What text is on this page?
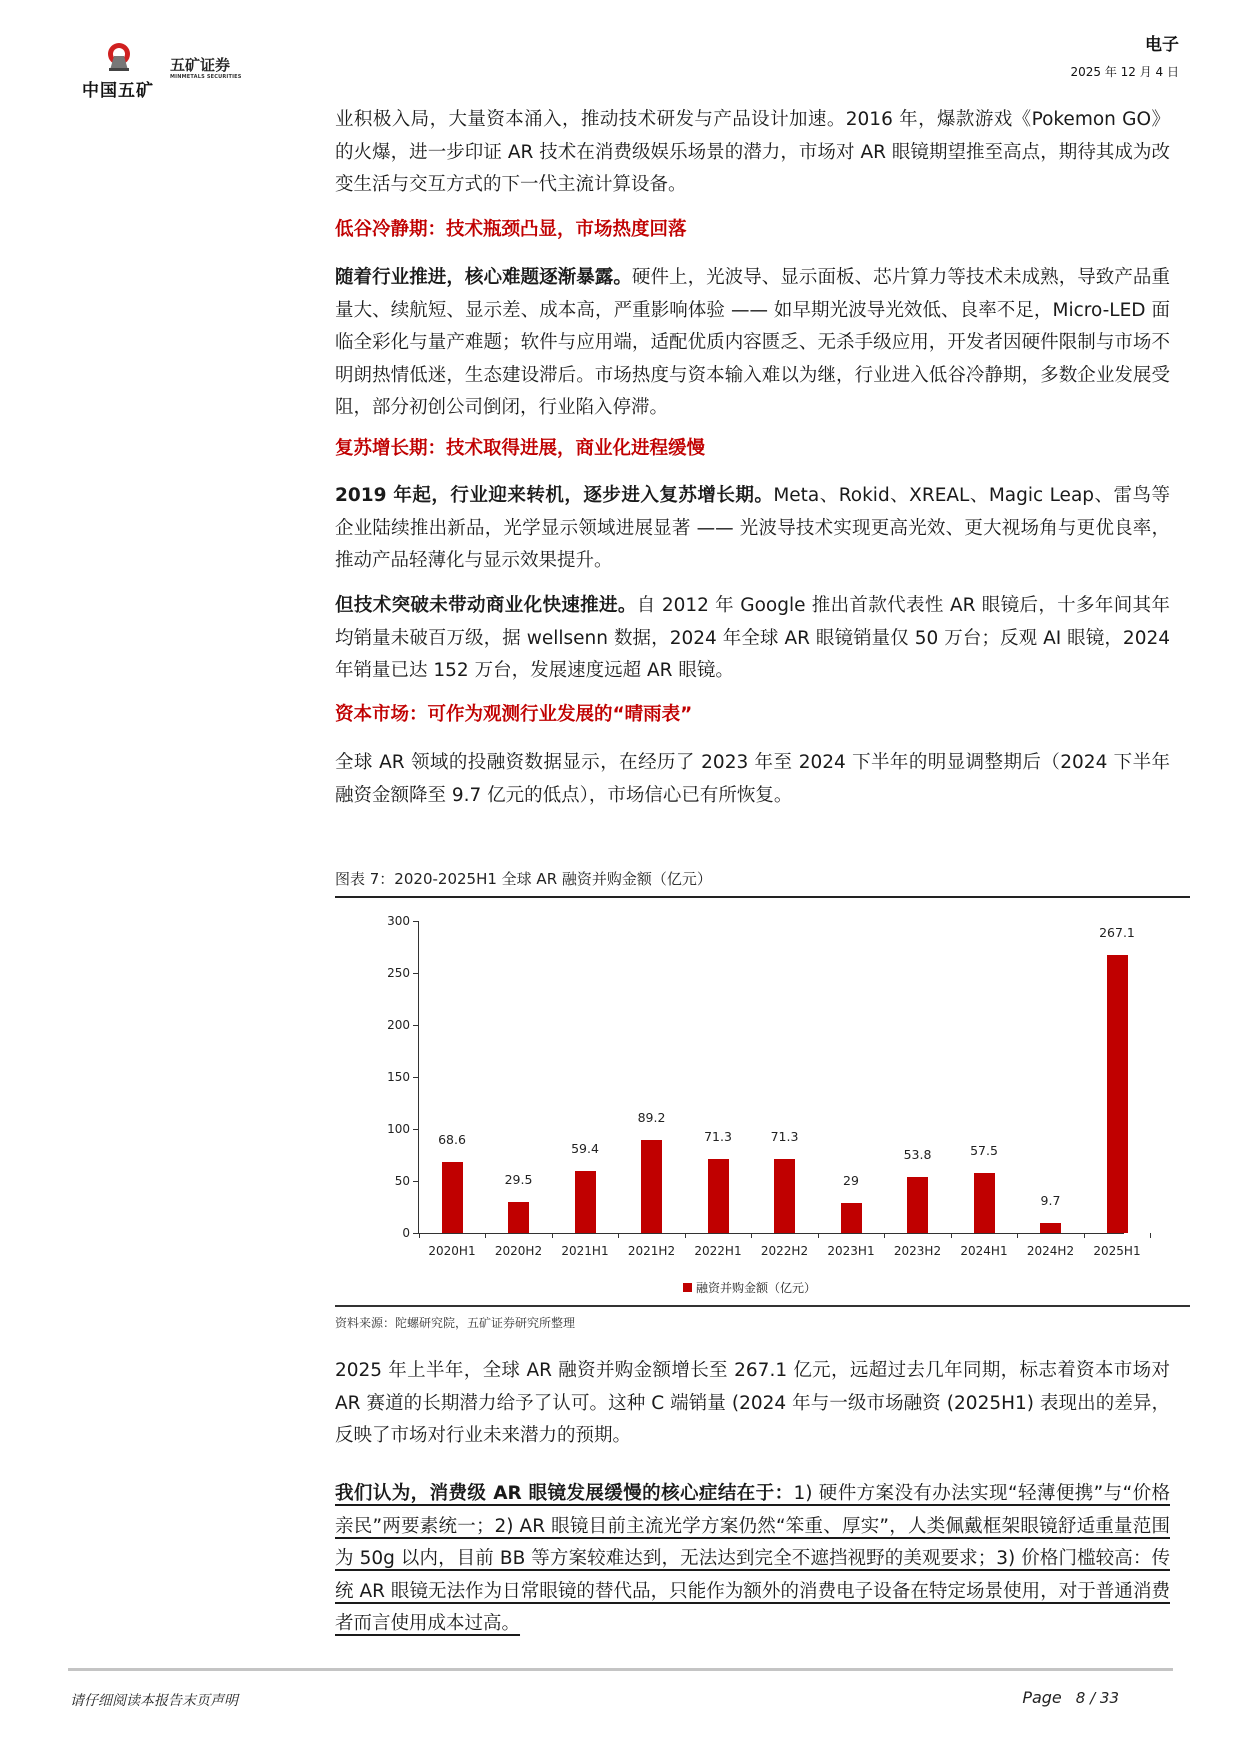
中国五矿
五矿证券
MINMETALS SECURITIES
电子
2025 年 12 月 4 日

业积极入局，大量资本涌入，推动技术研发与产品设计加速。2016 年，爆款游戏《Pokemon GO》的火爆，进一步印证 AR 技术在消费级娱乐场景的潜力，市场对 AR 眼镜期望推至高点，期待其成为改变生活与交互方式的下一代主流计算设备。

低谷冷静期：技术瓶颈凸显，市场热度回落

随着行业推进，核心难题逐渐暴露。硬件上，光波导、显示面板、芯片算力等技术未成熟，导致产品重量大、续航短、显示差、成本高，严重影响体验 —— 如早期光波导光效低、良率不足，Micro-LED 面临全彩化与量产难题；软件与应用端，适配优质内容匮乏、无杀手级应用，开发者因硬件限制与市场不明朗热情低迷，生态建设滞后。市场热度与资本输入难以为继，行业进入低谷冷静期，多数企业发展受阻，部分初创公司倒闭，行业陷入停滞。

复苏增长期：技术取得进展，商业化进程缓慢

2019 年起，行业迎来转机，逐步进入复苏增长期。Meta、Rokid、XREAL、Magic Leap、雷鸟等企业陆续推出新品，光学显示领域进展显著 —— 光波导技术实现更高光效、更大视场角与更优良率，推动产品轻薄化与显示效果提升。

但技术突破未带动商业化快速推进。自 2012 年 Google 推出首款代表性 AR 眼镜后，十多年间其年均销量未破百万级，据 wellsenn 数据，2024 年全球 AR 眼镜销量仅 50 万台；反观 AI 眼镜，2024 年销量已达 152 万台，发展速度远超 AR 眼镜。

资本市场：可作为观测行业发展的“晴雨表”

全球 AR 领域的投融资数据显示，在经历了 2023 年至 2024 下半年的明显调整期后（2024 下半年融资金额降至 9.7 亿元的低点），市场信心已有所恢复。

图表 7：2020-2025H1 全球 AR 融资并购金额（亿元）
融资并购金额（亿元）
0
50
100
150
200
250
300
68.6
2020H1
29.5
2020H2
59.4
2021H1
89.2
2021H2
71.3
2022H1
71.3
2022H2
29
2023H1
53.8
2023H2
57.5
2024H1
9.7
2024H2
267.1
2025H1
资料来源：陀螺研究院，五矿证券研究所整理

2025 年上半年，全球 AR 融资并购金额增长至 267.1 亿元，远超过去几年同期，标志着资本市场对 AR 赛道的长期潜力给予了认可。这种 C 端销量 (2024 年与一级市场融资 (2025H1) 表现出的差异，反映了市场对行业未来潜力的预期。

我们认为，消费级 AR 眼镜发展缓慢的核心症结在于：1) 硬件方案没有办法实现“轻薄便携”与“价格亲民”两要素统一；2) AR 眼镜目前主流光学方案仍然“笨重、厚实”，人类佩戴框架眼镜舒适重量范围为 50g 以内，目前 BB 等方案较难达到，无法达到完全不遮挡视野的美观要求；3) 价格门槛较高：传统 AR 眼镜无法作为日常眼镜的替代品，只能作为额外的消费电子设备在特定场景使用，对于普通消费者而言使用成本过高。

请仔细阅读本报告末页声明	Page 8 / 33
